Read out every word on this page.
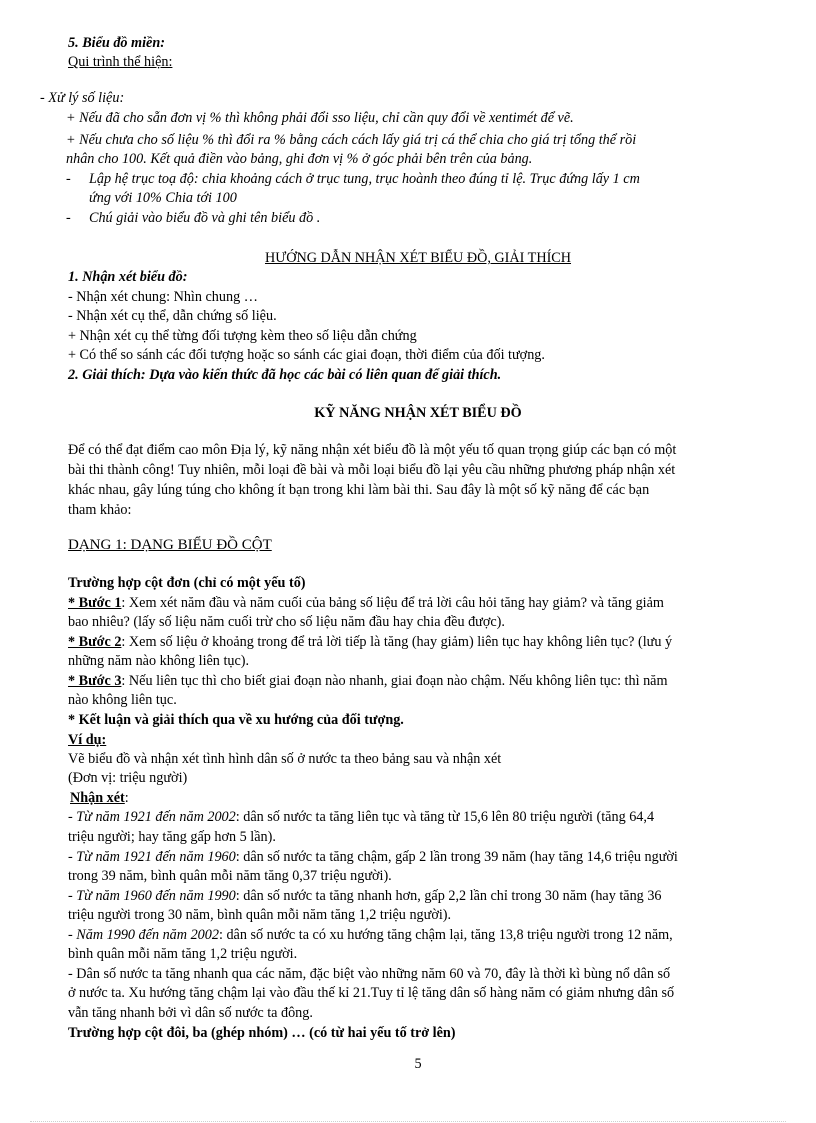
5. Biểu đồ miền:
Qui trình thể hiện:
- Xử lý số liệu:
+ Nếu đã cho sẵn đơn vị % thì không phải đổi sso liệu, chỉ cần quy đổi về xentimét để vẽ.
+ Nếu chưa cho số liệu % thì đổi ra % bằng cách cách lấy giá trị cá thể chia cho giá trị tổng thể rồi
nhân cho 100. Kết quả điền vào bảng, ghi đơn vị % ở góc phải bên trên của bảng.
- Lập hệ trục toạ độ: chia khoảng cách ở trục tung, trục hoành theo đúng tỉ lệ. Trục đứng lấy 1 cm
ứng với 10% Chia tới 100
- Chú giải vào biểu đồ và ghi tên biểu đồ .
HƯỚNG DẪN NHẬN XÉT BIỂU ĐỒ, GIẢI THÍCH
1. Nhận xét biểu đồ:
- Nhận xét chung: Nhìn chung …
- Nhận xét cụ thể, dẫn chứng số liệu.
+ Nhận xét cụ thể từng đối tượng kèm theo số liệu dẫn chứng
+ Có thể so sánh các đối tượng hoặc so sánh các giai đoạn, thời điểm của đối tượng.
2. Giải thích: Dựa vào kiến thức đã học các bài có liên quan để giải thích.
KỸ NĂNG NHẬN XÉT BIỂU ĐỒ
Để có thể đạt điểm cao môn Địa lý, kỹ năng nhận xét biểu đồ là một yếu tố quan trọng giúp các bạn có một
bài thi thành công! Tuy nhiên, mỗi loại đề bài và mỗi loại biểu đồ lại yêu cầu những phương pháp nhận xét
khác nhau, gây lúng túng cho không ít bạn trong khi làm bài thi. Sau đây là một số kỹ năng để các bạn
tham khảo:
DẠNG 1: DẠNG BIỂU ĐỒ CỘT
Trường hợp cột đơn (chỉ có một yếu tố)
* Bước 1: Xem xét năm đầu và năm cuối của bảng số liệu để trả lời câu hỏi tăng hay giảm? và tăng giảm
bao nhiêu? (lấy số liệu năm cuối trừ cho số liệu năm đầu hay chia đều được).
* Bước 2: Xem số liệu ở khoảng trong để trả lời tiếp là tăng (hay giảm) liên tục hay không liên tục? (lưu ý
những năm nào không liên tục).
* Bước 3: Nếu liên tục thì cho biết giai đoạn nào nhanh, giai đoạn nào chậm. Nếu không liên tục: thì năm
nào không liên tục.
* Kết luận và giải thích qua về xu hướng của đối tượng.
Ví dụ:
Vẽ biểu đồ và nhận xét tình hình dân số ở nước ta theo bảng sau và nhận xét
(Đơn vị: triệu người)
Nhận xét:
- Từ năm 1921 đến năm 2002: dân số nước ta tăng liên tục và tăng từ 15,6 lên 80 triệu người (tăng 64,4
triệu người; hay tăng gấp hơn 5 lần).
- Từ năm 1921 đến năm 1960: dân số nước ta tăng chậm, gấp 2 lần trong 39 năm (hay tăng 14,6 triệu người
trong 39 năm, bình quân mỗi năm tăng 0,37 triệu người).
- Từ năm 1960 đến năm 1990: dân số nước ta tăng nhanh hơn, gấp 2,2 lần chỉ trong 30 năm (hay tăng 36
triệu người trong 30 năm, bình quân mỗi năm tăng 1,2 triệu người).
- Năm 1990 đến năm 2002: dân số nước ta có xu hướng tăng chậm lại, tăng 13,8 triệu người trong 12 năm,
bình quân mỗi năm tăng 1,2 triệu người.
- Dân số nước ta tăng nhanh qua các năm, đặc biệt vào những năm 60 và 70, đây là thời kì bùng nổ dân số
ở nước ta. Xu hướng tăng chậm lại vào đầu thế kỉ 21.Tuy tỉ lệ tăng dân số hàng năm có giảm nhưng dân số
vẫn tăng nhanh bởi vì dân số nước ta đông.
Trường hợp cột đôi, ba (ghép nhóm) … (có từ hai yếu tố trở lên)
5
